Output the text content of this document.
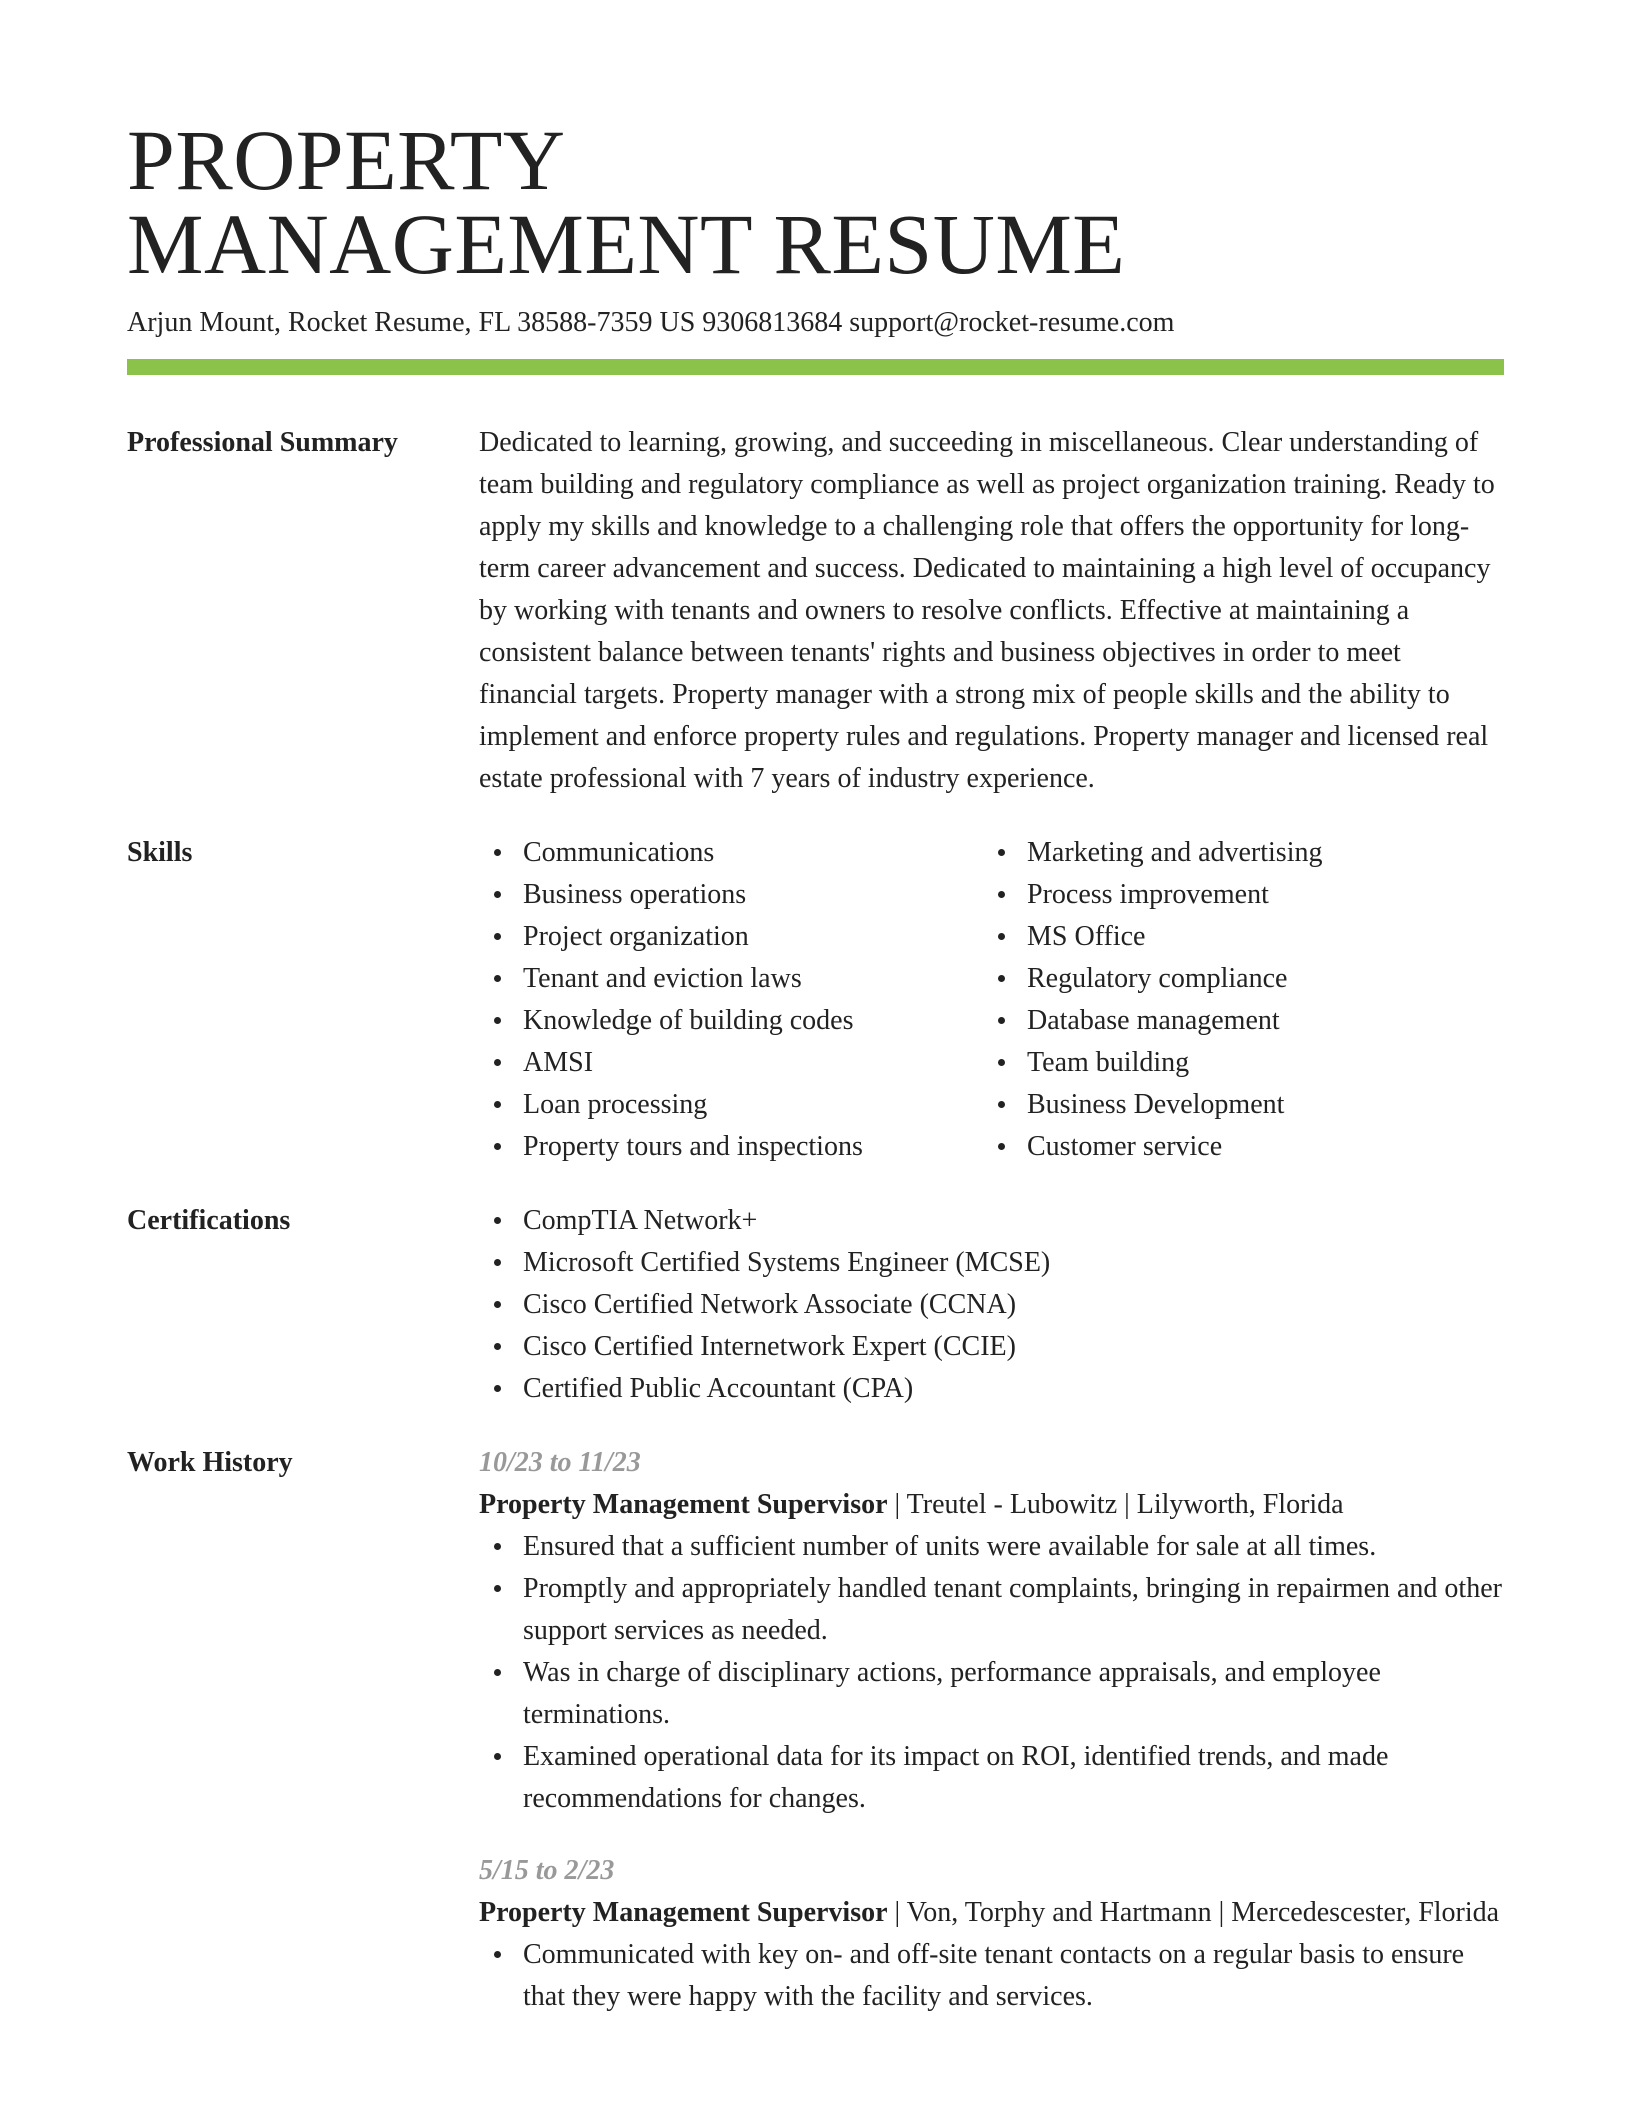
PROPERTY
MANAGEMENT RESUME
Arjun Mount, Rocket Resume, FL 38588-7359 US 9306813684 support@rocket-resume.com
Professional Summary	Dedicated to learning, growing, and succeeding in miscellaneous. Clear understanding of team building and regulatory compliance as well as project organization training. Ready to apply my skills and knowledge to a challenging role that offers the opportunity for long-term career advancement and success. Dedicated to maintaining a high level of occupancy by working with tenants and owners to resolve conflicts. Effective at maintaining a consistent balance between tenants' rights and business objectives in order to meet financial targets. Property manager with a strong mix of people skills and the ability to implement and enforce property rules and regulations. Property manager and licensed real estate professional with 7 years of industry experience.
Skills	Communications
Business operations
Project organization
Tenant and eviction laws
Knowledge of building codes
AMSI
Loan processing
Property tours and inspections
Marketing and advertising
Process improvement
MS Office
Regulatory compliance
Database management
Team building
Business Development
Customer service
Certifications	CompTIA Network+
Microsoft Certified Systems Engineer (MCSE)
Cisco Certified Network Associate (CCNA)
Cisco Certified Internetwork Expert (CCIE)
Certified Public Accountant (CPA)
Work History	10/23 to 11/23
Property Management Supervisor | Treutel - Lubowitz | Lilyworth, Florida
Ensured that a sufficient number of units were available for sale at all times.
Promptly and appropriately handled tenant complaints, bringing in repairmen and other support services as needed.
Was in charge of disciplinary actions, performance appraisals, and employee terminations.
Examined operational data for its impact on ROI, identified trends, and made recommendations for changes.
5/15 to 2/23
Property Management Supervisor | Von, Torphy and Hartmann | Mercedescester, Florida
Communicated with key on- and off-site tenant contacts on a regular basis to ensure that they were happy with the facility and services.
